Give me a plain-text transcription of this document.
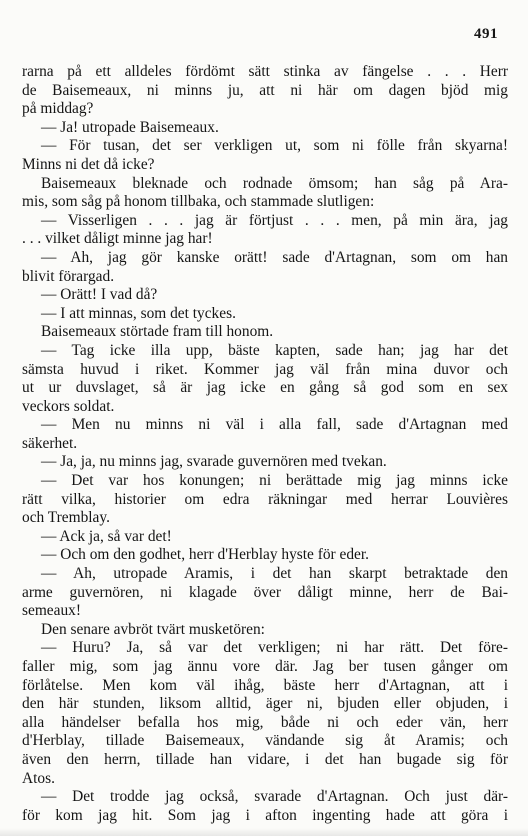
491
rarna på ett alldeles fördömt sätt stinka av fängelse . . . Herr
de Baisemeaux, ni minns ju, att ni här om dagen bjöd mig
på middag?
— Ja! utropade Baisemeaux.
— För tusan, det ser verkligen ut, som ni fölle från skyarna!
Minns ni det då icke?
Baisemeaux bleknade och rodnade ömsom; han såg på Ara-
mis, som såg på honom tillbaka, och stammade slutligen:
— Visserligen . . . jag är förtjust . . . men, på min ära, jag
. . . vilket dåligt minne jag har!
— Ah, jag gör kanske orätt! sade d'Artagnan, som om han
blivit förargad.
— Orätt! I vad då?
— I att minnas, som det tyckes.
Baisemeaux störtade fram till honom.
— Tag icke illa upp, bäste kapten, sade han; jag har det
sämsta huvud i riket. Kommer jag väl från mina duvor och
ut ur duvslaget, så är jag icke en gång så god som en sex
veckors soldat.
— Men nu minns ni väl i alla fall, sade d'Artagnan med
säkerhet.
— Ja, ja, nu minns jag, svarade guvernören med tvekan.
— Det var hos konungen; ni berättade mig jag minns icke
rätt vilka, historier om edra räkningar med herrar Louvières
och Tremblay.
— Ack ja, så var det!
— Och om den godhet, herr d'Herblay hyste för eder.
— Ah, utropade Aramis, i det han skarpt betraktade den
arme guvernören, ni klagade över dåligt minne, herr de Bai-
semeaux!
Den senare avbröt tvärt musketören:
— Huru? Ja, så var det verkligen; ni har rätt. Det före-
faller mig, som jag ännu vore där. Jag ber tusen gånger om
förlåtelse. Men kom väl ihåg, bäste herr d'Artagnan, att i
den här stunden, liksom alltid, äger ni, bjuden eller objuden, i
alla händelser befalla hos mig, både ni och eder vän, herr
d'Herblay, tillade Baisemeaux, vändande sig åt Aramis; och
även den herrn, tillade han vidare, i det han bugade sig för
Atos.
— Det trodde jag också, svarade d'Artagnan. Och just där-
för kom jag hit. Som jag i afton ingenting hade att göra i
